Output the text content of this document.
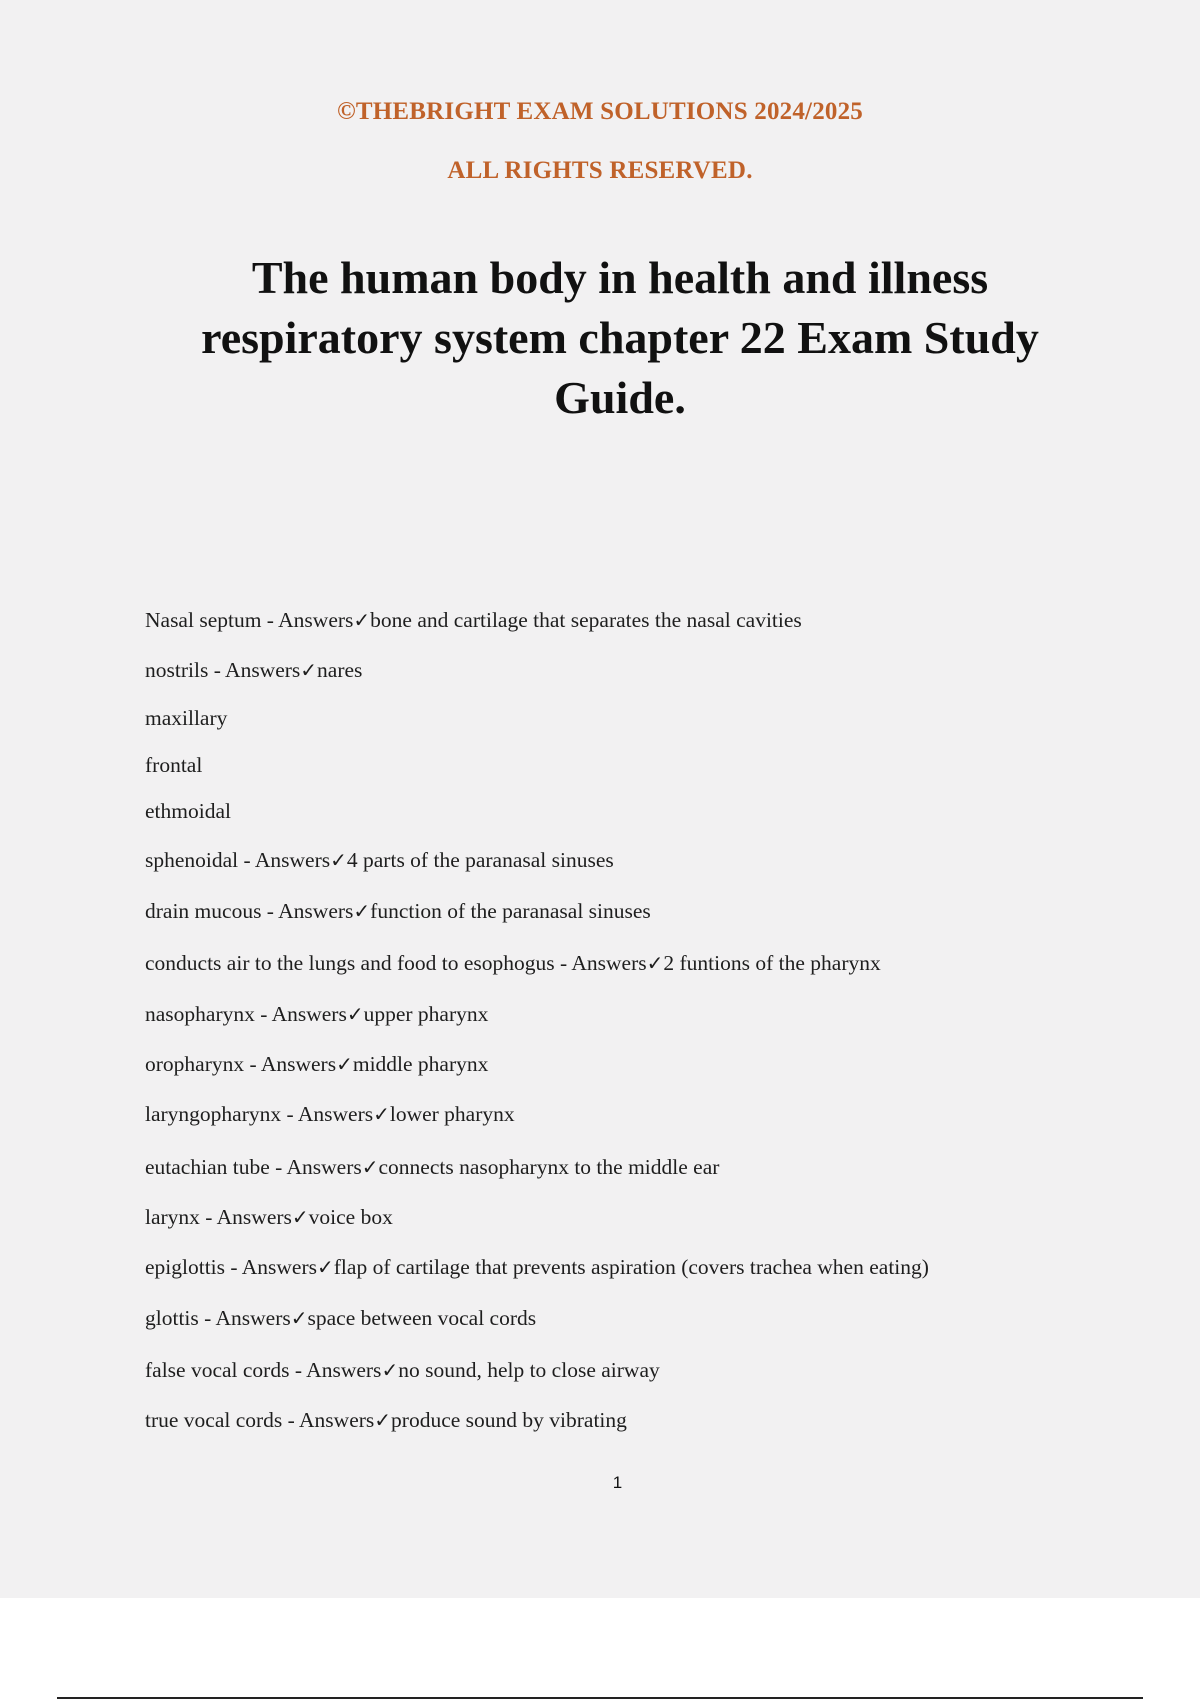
©THEBRIGHT EXAM SOLUTIONS 2024/2025
ALL RIGHTS RESERVED.
The human body in health and illness
respiratory system chapter 22 Exam Study
Guide.
Nasal septum - Answers✓bone and cartilage that separates the nasal cavities
nostrils - Answers✓nares
maxillary
frontal
ethmoidal
sphenoidal - Answers✓4 parts of the paranasal sinuses
drain mucous - Answers✓function of the paranasal sinuses
conducts air to the lungs and food to esophogus - Answers✓2 funtions of the pharynx
nasopharynx - Answers✓upper pharynx
oropharynx - Answers✓middle pharynx
laryngopharynx - Answers✓lower pharynx
eutachian tube - Answers✓connects nasopharynx to the middle ear
larynx - Answers✓voice box
epiglottis - Answers✓flap of cartilage that prevents aspiration (covers trachea when eating)
glottis - Answers✓space between vocal cords
false vocal cords - Answers✓no sound, help to close airway
true vocal cords - Answers✓produce sound by vibrating
1
